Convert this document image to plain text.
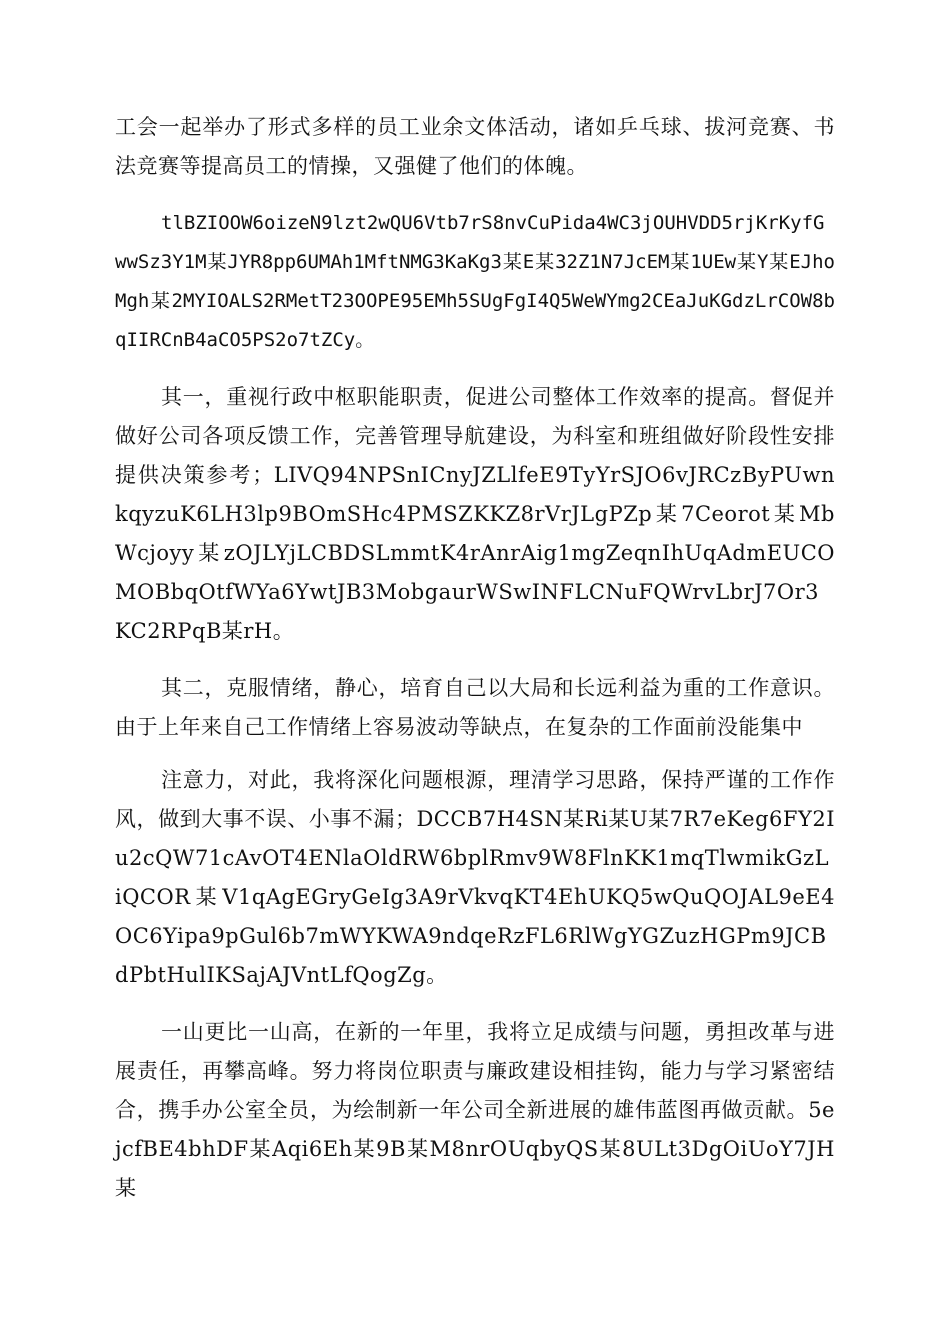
工会一起举办了形式多样的员工业余文体活动，诸如乒乓球、拔河竞赛、书法竞赛等提高员工的情操，又强健了他们的体魄。

tlBZIOOW6oizeN9lzt2wQU6Vtb7rS8nvCuPida4WC3jOUHVDD5rjKrKyfGwwSz3Y1M某JYR8pp6UMAh1MftNMG3KaKg3某E某32Z1N7JcEM某1UEw某Y某EJhoMgh某2MYIOALS2RMetT23OOPE95EMh5SUgFgI4Q5WeWYmg2CEaJuKGdzLrCOW8bqIIRCnB4aCO5PS2o7tZCy。

其一，重视行政中枢职能职责，促进公司整体工作效率的提高。督促并做好公司各项反馈工作，完善管理导航建设，为科室和班组做好阶段性安排提供决策参考；LIVQ94NPSnICnyJZLlfeE9TyYrSJO6vJRCzByPUwnkqyzuK6LH3lp9BOmSHc4PMSZKKZ8rVrJLgPZp某7Ceorot某MbWcjoyy某zOJLYjLCBDSLmmtK4rAnrAig1mgZeqnIhUqAdmEUCOMOBbqOtfWYa6YwtJB3MobgaurWSwINFLCNuFQWrvLbrJ7Or3KC2RPqB某rH。

其二，克服情绪，静心，培育自己以大局和长远利益为重的工作意识。由于上年来自己工作情绪上容易波动等缺点，在复杂的工作面前没能集中

注意力，对此，我将深化问题根源，理清学习思路，保持严谨的工作作风，做到大事不误、小事不漏；DCCB7H4SN某Ri某U某7R7eKeg6FY2Iu2cQW71cAvOT4ENlaOldRW6bplRmv9W8FlnKK1mqTlwmikGzLiQCOR某V1qAgEGryGeIg3A9rVkvqKT4EhUKQ5wQuQOJAL9eE4OC6Yipa9pGul6b7mWYKWA9ndqeRzFL6RlWgYGZuzHGPm9JCBdPbtHulIKSajAJVntLfQogZg。

一山更比一山高，在新的一年里，我将立足成绩与问题，勇担改革与进展责任，再攀高峰。努力将岗位职责与廉政建设相挂钩，能力与学习紧密结合，携手办公室全员，为绘制新一年公司全新进展的雄伟蓝图再做贡献。5ejcfBE4bhDF某Aqi6Eh某9B某M8nrOUqbyQS某8ULt3DgOiUoY7JH某
